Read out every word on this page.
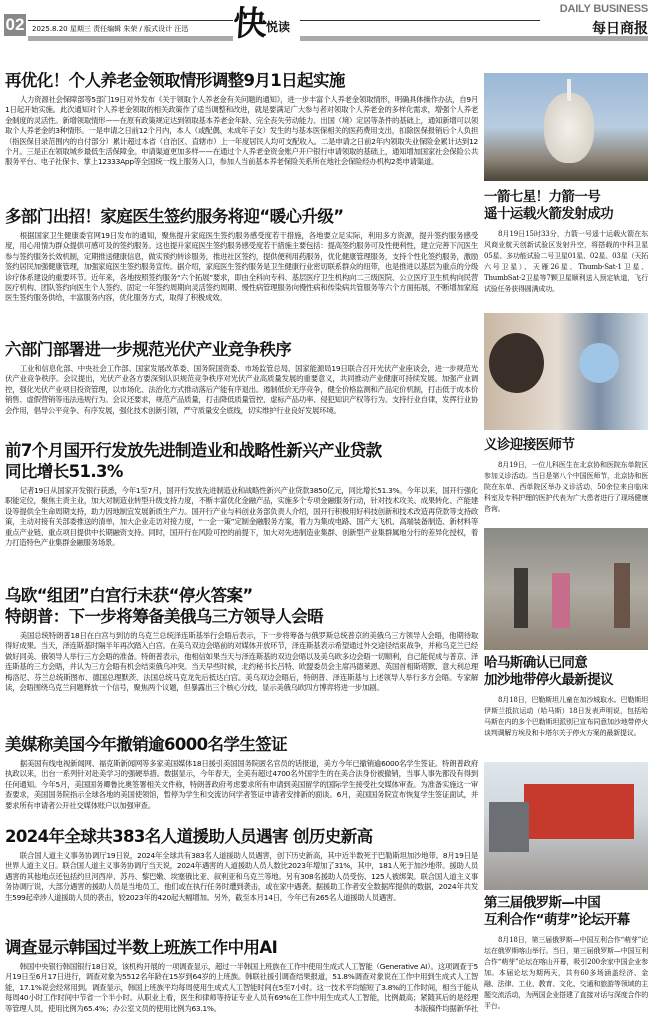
02 2025.8.20 星期三 责任编辑 朱荣 / 版式设计 汪迅 快
悦读
DAILY BUSINESS
每日商报
再优化！个人养老金领取情形调整9月1日起实施

人力资源社会保障部等5部门19日对外发布《关于领取个人养老金有关问题的通知》，进一步丰富个人养老金领取情形，明确具体操作办法，自9月1日起开始实施。此次通知对个人养老金领取的相关政策作了适当调整和改进，就是要满足广大参与者对领取个人养老金的多样化需求，增强个人养老金制度的灵活性。新增领取情形——在原有政策规定达到领取基本养老金年龄、完全丧失劳动能力、出国（境）定居等条件的基础上，通知新增可以领取个人养老金的3种情形。一是申请之日前12个月内，本人（或配偶、未成年子女）发生的与基本医保相关的医药费用支出，扣除医保报销后个人负担（指医保目录范围内的自付部分）累计超过本省（自治区、直辖市）上一年度居民人均可支配收入。二是申请之日前2年内领取失业保险金累计达到12个月。三是正在领取城乡最低生活保障金。申请渠道更加多样——在通过个人养老金资金账户开户银行申请领取的基础上，通知增加国家社会保险公共服务平台、电子社保卡、掌上12333App等全国统一线上服务入口，参加人当前基本养老保险关系所在地社会保险经办机构2类申请渠道。

多部门出招！家庭医生签约服务将迎“暖心升级”

根据国家卫生健康委官网19日发布的通知，聚焦提升家庭医生签约服务感受度若干措施，各地要立足实际，利用多方资源，提升签约服务感受度，用心用情为群众提供可感可及的签约服务。这也提升家庭医生签约服务感受度若干措施主要包括：提高签约服务可及性便利性，建立完善下沉医生参与签约服务长效机制，定期推送健康信息，做实预约转诊服务，推进社区签约，提供便利用药服务，优化健康管理服务，支持个性化签约服务，激励签约居民加强健康管理，加强家庭医生签约服务宣传。据介绍，家庭医生签约服务是卫生健康行业密切联系群众的纽带，也是推进以基层为重点的分级诊疗体系建设的重要环节。近年来，各地按照签约服务“六个拓展”要求，即由全科向专科、基层医疗卫生机构向二三级医院、公立医疗卫生机构向民营医疗机构、团队签约向医生个人签约、固定一年签约周期向灵活签约周期、慢性病管理服务向慢性病和传染病共管服务等六个方面拓展，不断增加家庭医生签约服务供给，丰富服务内容，优化服务方式，取得了积极成效。

六部门部署进一步规范光伏产业竞争秩序

工业和信息化部、中央社会工作部、国家发展改革委、国务院国资委、市场监管总局、国家能源局19日联合召开光伏产业座谈会，进一步规范光伏产业竞争秩序。会议提出，光伏产业各方要深刻认识规范竞争秩序对光伏产业高质量发展的重要意义，共同推动产业健康可持续发展。加强产业调控，强化光伏产业项目投资管理，以市场化、法治化方式推动落后产能有序退出。遏制低价无序竞争，健全价格监测和产品定价机制，打击低于成本价销售、虚假营销等违法违规行为。会议还要求，规范产品质量，打击降低质量管控、虚标产品功率、侵犯知识产权等行为。支持行业自律，发挥行业协会作用，倡导公平竞争、有序发展，强化技术创新引领，严守质量安全底线，切实维护行业良好发展环境。

前7个月国开行发放先进制造业和战略性新兴产业贷款
同比增长51.3%

记者19日从国家开发银行获悉，今年1至7月，国开行发放先进制造业和战略性新兴产业贷款3850亿元，同比增长51.3%。今年以来，国开行强化职能定位，聚焦主责主业，加大对制造业转型升级支持力度，不断丰富优化金融产品，实施多个专项金融服务行动，针对技术攻关、成果转化、产能建设等提供全生命周期支持，助力因地制宜发展新质生产力。国开行产业与科创业务部负责人介绍，国开行积极用好科技创新和技术改造再贷款等支持政策，主动对接有关部委推送的清单，加大企业走访对接力度，“一企一策”定制金融服务方案，着力为集成电路、国产大飞机、高端装备制造、新材料等重点产业链、重点项目提供中长期融资支持。同时，国开行在风险可控的前提下，加大对先进制造业集群、创新型产业集群属地分行的差异化授权，着力打造特色产业集群金融服务场景。

乌欧“组团”白宫行未获“停火答案”
特朗普：下一步将筹备美俄乌三方领导人会晤

美国总统特朗普18日在白宫与到访的乌克兰总统泽连斯基举行会晤后表示，下一步将筹备与俄罗斯总统普京的美俄乌三方领导人会晤，他期待取得好成果。当天，泽连斯基时隔半年再次踏入白宫。在美乌双边会晤前的对媒体开放环节，泽连斯基表示希望通过外交途径结束战争，并称乌克兰已经做好同美、俄领导人举行三方会晤的准备。特朗普表示，他相信如果当天与泽连斯基的双边会晤以及美乌欧多边会晤一切顺利，自己能促成与普京、泽连斯基的三方会晤，并认为三方会晤有机会结束俄乌冲突。当天早些时候，北约秘书长吕特、欧盟委员会主席冯德莱恩、英国首相斯塔默、意大利总理梅洛尼、芬兰总统斯图布、德国总理默茨、法国总统马克龙先后抵达白宫。美乌双边会晤后，特朗普、泽连斯基与上述领导人举行多方会晤。专家解读，会晤围绕乌克兰问题释放一个信号，聚焦两个议题，但暴露出三个核心分歧，显示美俄乌欧四方博弈将进一步加剧。

美媒称美国今年撤销逾6000名学生签证

据美国有线电视新闻网、福克斯新闻网等多家美国媒体18日援引美国国务院匿名官员的话报道，美方今年已撤销逾6000名学生签证。特朗普政府执政以来，出台一系列针对赴美学习的强硬举措。数据显示，今年春天，全美有超过4700名外国学生的在美合法身份被撤销，当事人事先都没有得到任何通知。今年5月，美国国务卿鲁比奥签署相关文件称，特朗普政府考虑要求所有申请到美国留学的国际学生接受社交媒体审查。为准备实施这一审查要求，美国国务院指示全球各地的美国使领馆，暂停为学生和交流访问学者签证申请者安排新的面谈。6月，美国国务院宣布恢复学生签证面试，并要求所有申请者公开社交媒体账户以加强审查。

2024年全球共383名人道援助人员遇害 创历史新高

联合国人道主义事务协调厅19日说，2024年全球共有383名人道援助人员遇害，创下历史新高，其中近半数死于巴勒斯坦加沙地带。8月19日是世界人道主义日。联合国人道主义事务协调厅当天说，2024年遇害的人道援助人员人数比2023年增加了31%，其中，181人死于加沙地带。援助人员遇害的其他地点还包括约旦河西岸、苏丹、黎巴嫩、埃塞俄比亚、叙利亚和乌克兰等地。另有308名援助人员受伤、125人被绑架。联合国人道主义事务协调厅说，大部分遇害的援助人员是当地员工，他们或在执行任务时遭到袭击，或在家中遇袭。据援助工作者安全数据库提供的数据，2024年共发生599起牵涉人道援助人员的袭击，较2023年的420起大幅增加。另外，截至本月14日，今年已有265名人道援助人员遇害。

调查显示韩国过半数上班族工作中用AI

韩国中央银行韩国银行18日说，该机构开展的一项调查显示，超过一半韩国上班族在工作中使用生成式人工智能（Generative AI）。这项调查于5月19日至6月17日进行，调查对象为5512名年龄在15岁到64岁的上班族。韩联社援引调查结果报道，51.8%调查对象说在工作中用到生成式人工智能，17.1%说会经常用到。调查显示，韩国上班族平均每周使用生成式人工智能时间在5至7小时。这一技术平均缩短了3.8%的工作时间，相当于能从每周40小时工作时间中节省一个半小时。从职业上看，医生和律师等持证专业人员有69%在工作中用生成式人工智能，比例最高；紧随其后的是经理等管理人员，使用比例为65.4%；办公室文员的使用比例为63.1%。	本版稿件均据新华社

一箭七星！力箭一号
遥十运载火箭发射成功

8月19日15时33分，力箭一号遥十运载火箭在东风商业航天创新试验区发射升空，将搭载的中科卫星05星、多功能试验二号卫星01星、02星、03星（天拓六号卫星）、天雁26星、Thumb-Sat-1卫星、ThumbSat-2卫星等7颗卫星顺利送入预定轨道，飞行试验任务获得圆满成功。

义诊迎接医师节

8月19日，一位儿科医生在北京协和医院东单院区参加义诊活动。当日是第八个中国医师节，北京协和医院在东单、西单院区举办义诊活动，50余位来自临床科室及专科护理的医护代表为广大患者进行了现场健康咨询。

哈马斯确认已同意
加沙地带停火最新提议

8月18日，巴勒斯坦儿童在加沙城取水。巴勒斯坦伊斯兰抵抗运动（哈马斯）18日发表声明说，包括哈马斯在内的多个巴勒斯坦派别已宣布同意加沙地带停火谈判调解方埃及和卡塔尔关于停火方案的最新提议。

第三届俄罗斯—中国
互利合作“萌芽”论坛开幕

8月18日，第三届俄罗斯—中国互利合作“萌芽”论坛在俄罗斯喀山举行。当日，第三届俄罗斯—中国互利合作“萌芽”论坛在喀山开幕，吸引200余家中国企业参加。本届论坛为期两天，共有60多场涵盖经济、金融、法律、工业、教育、文化、交通和旅游等领域的主题交流活动，为两国企业搭建了直接对话与深度合作的平台。
